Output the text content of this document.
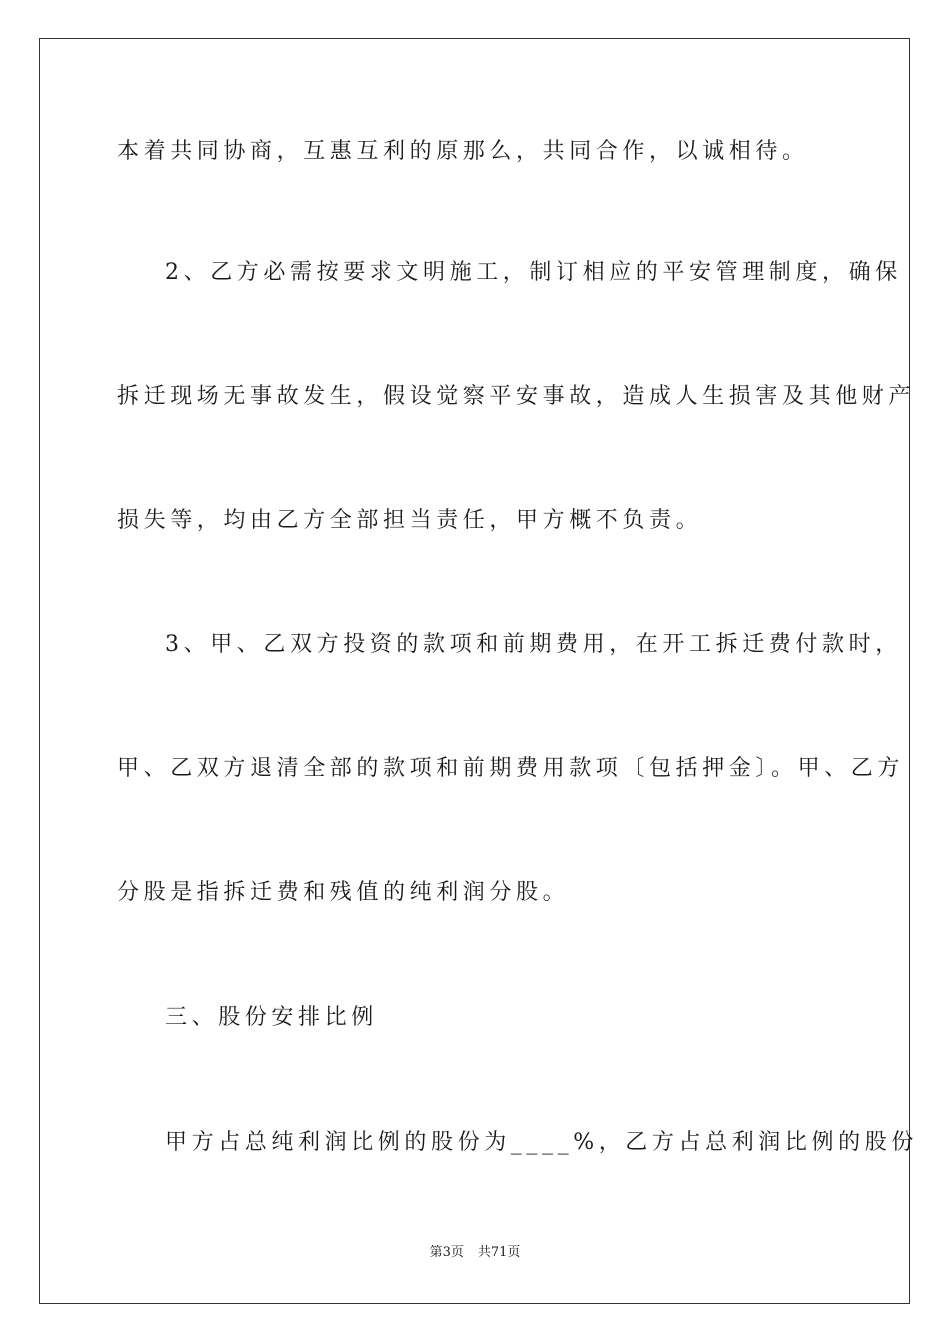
本着共同协商，互惠互利的原那么，共同合作，以诚相待。
2、乙方必需按要求文明施工，制订相应的平安管理制度，确保
拆迁现场无事故发生，假设觉察平安事故，造成人生损害及其他财产
损失等，均由乙方全部担当责任，甲方概不负责。
3、甲、乙双方投资的款项和前期费用，在开工拆迁费付款时，
甲、乙双方退清全部的款项和前期费用款项〔包括押金〕。甲、乙方
分股是指拆迁费和残值的纯利润分股。
三、股份安排比例
甲方占总纯利润比例的股份为____%，乙方占总利润比例的股份
第3页 共71页
